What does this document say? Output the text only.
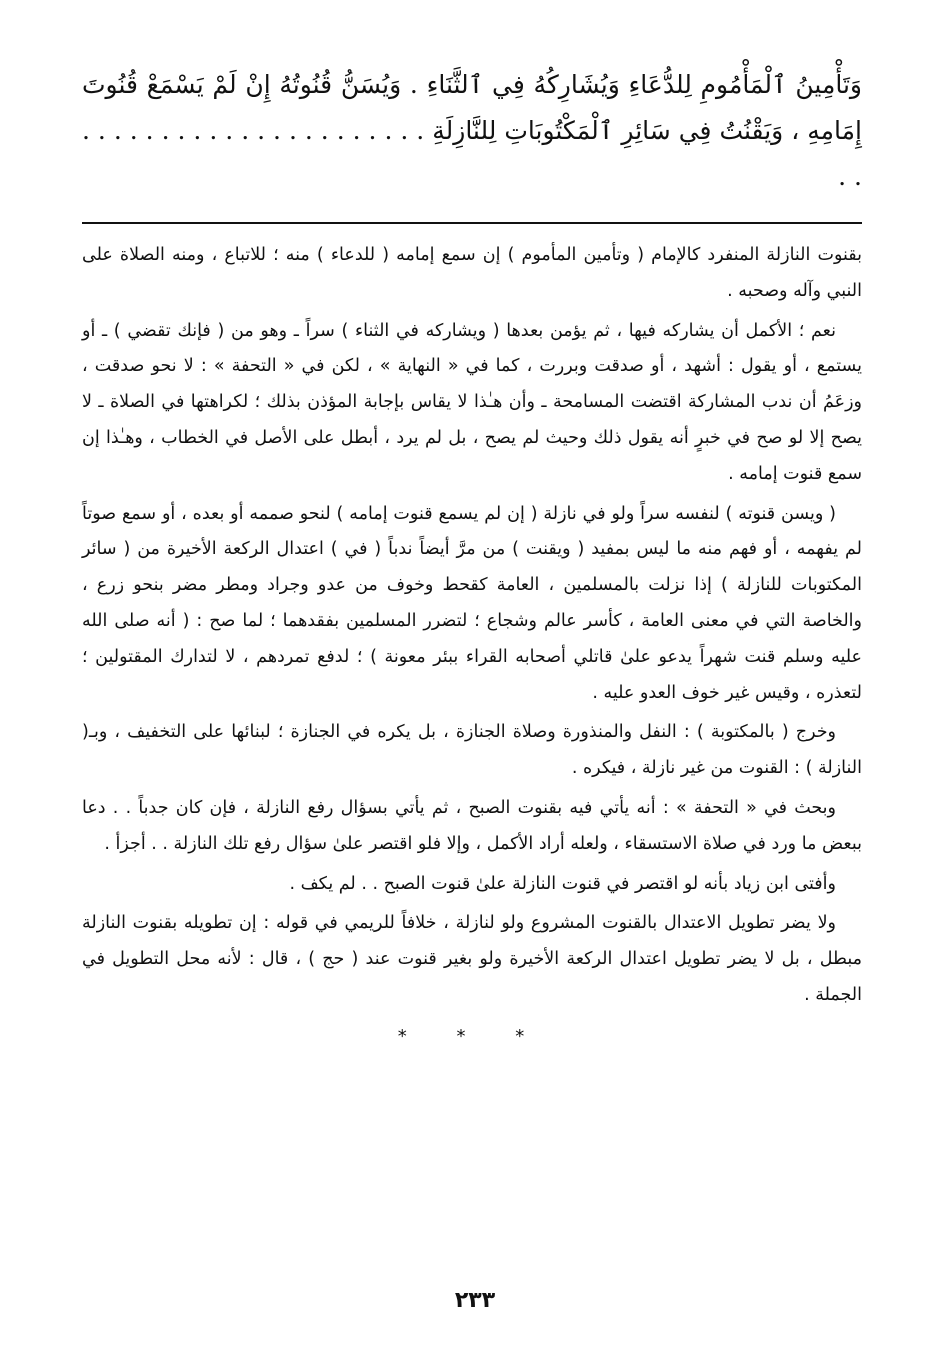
وَتَأْمِينُ ٱلْمَأْمُومِ لِلدُّعَاءِ وَيُشَارِكُهُ فِي ٱلثَّنَاءِ . وَيُسَنُّ قُنُوتُهُ إِنْ لَمْ يَسْمَعْ قُنُوتَ إِمَامِهِ ، وَيَقْنُتُ فِي سَائِرِ ٱلْمَكْتُوبَاتِ لِلنَّازِلَةِ . . . . . . . . . . . . . . . . . . . . . . . .

بقنوت النازلة المنفرد كالإمام ( وتأمين المأموم ) إن سمع إمامه ( للدعاء ) منه ؛ للاتباع ، ومنه الصلاة على النبي وآله وصحبه .

نعم ؛ الأكمل أن يشاركه فيها ، ثم يؤمن بعدها ( ويشاركه في الثناء ) سراً ـ وهو من ( فإنك تقضي ) ـ أو يستمع ، أو يقول : أشهد ، أو صدقت وبررت ، كما في « النهاية » ، لكن في « التحفة » : لا نحو صدقت ، وزعَمُ أن ندب المشاركة اقتضت المسامحة ـ وأن هـٰذا لا يقاس بإجابة المؤذن بذلك ؛ لكراهتها في الصلاة ـ لا يصح إلا لو صح في خبرٍ أنه يقول ذلك وحيث لم يصح ، بل لم يرد ، أبطل على الأصل في الخطاب ، وهـٰذا إن سمع قنوت إمامه .

( ويسن قنوته ) لنفسه سراً ولو في نازلة ( إن لم يسمع قنوت إمامه ) لنحو صممه أو بعده ، أو سمع صوتاً لم يفهمه ، أو فهم منه ما ليس بمفيد ( ويقنت ) من مرَّ أيضاً ندباً ( في ) اعتدال الركعة الأخيرة من ( سائر المكتوبات للنازلة ) إذا نزلت بالمسلمين ، العامة كقحط وخوف من عدو وجراد ومطر مضر بنحو زرع ، والخاصة التي في معنى العامة ، كأسر عالم وشجاع ؛ لتضرر المسلمين بفقدهما ؛ لما صح : ( أنه صلى الله عليه وسلم قنت شهراً يدعو علىٰ قاتلي أصحابه القراء ببئر معونة ) ؛ لدفع تمردهم ، لا لتدارك المقتولين ؛ لتعذره ، وقيس غير خوف العدو عليه .

وخرج ( بالمكتوبة ) : النفل والمنذورة وصلاة الجنازة ، بل يكره في الجنازة ؛ لبنائها على التخفيف ، وبـ( النازلة ) : القنوت من غير نازلة ، فيكره .

وبحث في « التحفة » : أنه يأتي فيه بقنوت الصبح ، ثم يأتي بسؤال رفع النازلة ، فإن كان جدباً . . دعا ببعض ما ورد في صلاة الاستسقاء ، ولعله أراد الأكمل ، وإلا فلو اقتصر علىٰ سؤال رفع تلك النازلة . . أجزأ .

وأفتى ابن زياد بأنه لو اقتصر في قنوت النازلة علىٰ قنوت الصبح . . لم يكف .

ولا يضر تطويل الاعتدال بالقنوت المشروع ولو لنازلة ، خلافاً للريمي في قوله : إن تطويله بقنوت النازلة مبطل ، بل لا يضر تطويل اعتدال الركعة الأخيرة ولو بغير قنوت عند ( حج ) ، قال : لأنه محل التطويل في الجملة .

* * *
٢٣٣
